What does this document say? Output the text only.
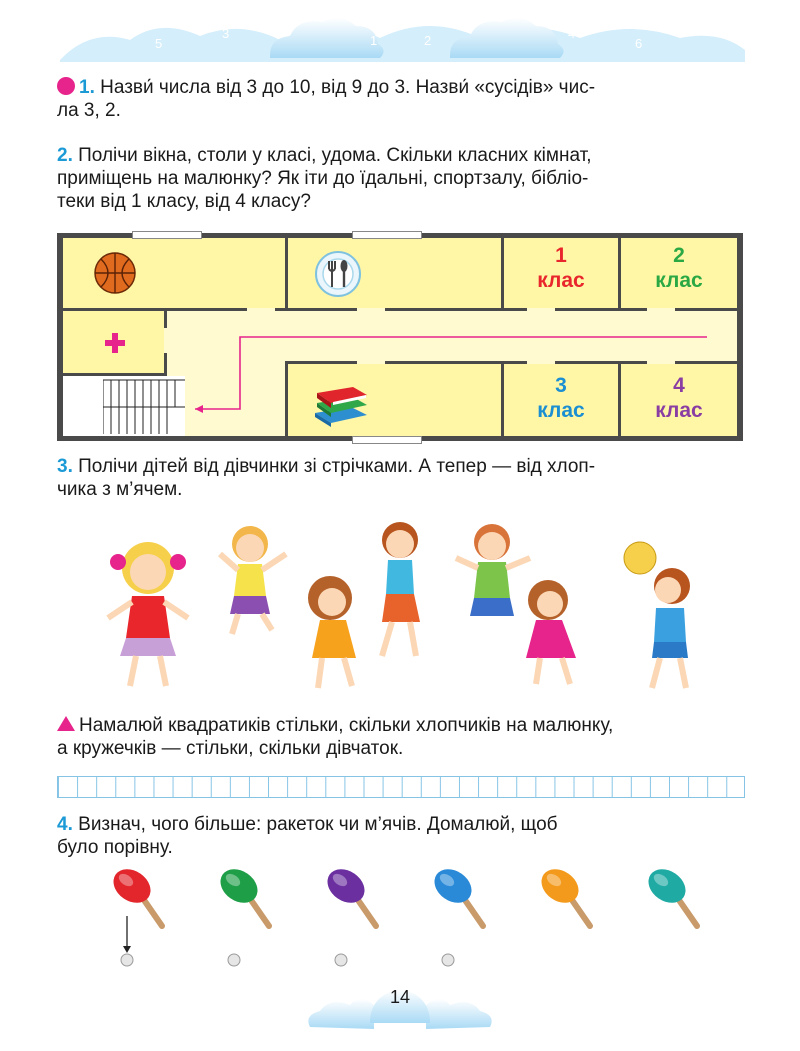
7
5
3	1
0
2	4
6
8
1. Назви́ числа від 3 до 10, від 9 до 3. Назви́ «сусідів» чис-
ла 3, 2.
2. Полічи вікна, столи у класі, удома. Скільки класних кімнат,
приміщень на малюнку? Як іти до їдальні, спортзалу, бібліо-
теки від 1 класу, від 4 класу?
1
клас
2
клас
3
клас
4
клас
3. Полічи дітей від дівчинки зі стрічками. А тепер — від хлоп-
чика з м’ячем.
Намалюй квадратиків стільки, скільки хлопчиків на малюнку,
а кружечків — стільки, скільки дівчаток.
4. Визнач, чого більше: ракеток чи м’ячів. Домалюй, щоб
було порівну.
14
